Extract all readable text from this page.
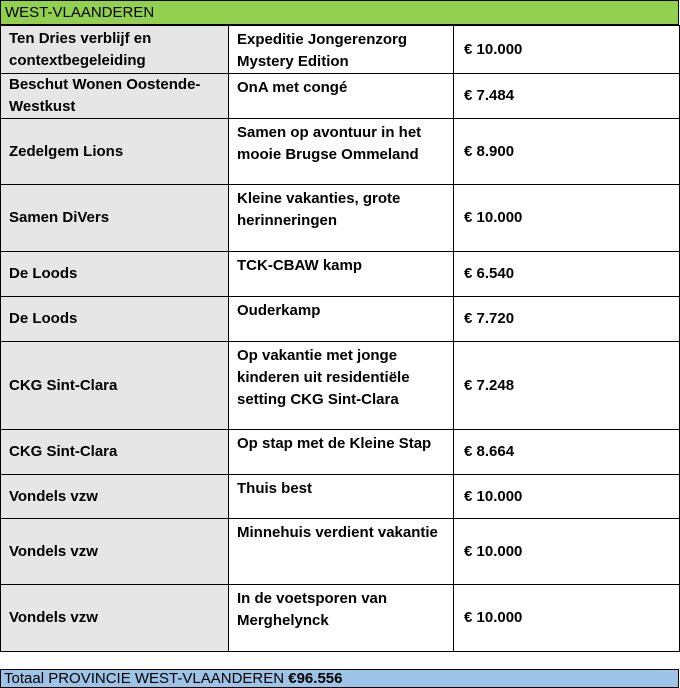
WEST-VLAANDEREN
Ten Dries verblijf en contextbegeleiding	Expeditie Jongerenzorg Mystery Edition	€ 10.000
Beschut Wonen Oostende-Westkust	OnA met congé	€ 7.484
Zedelgem Lions	Samen op avontuur in het mooie Brugse Ommeland	€ 8.900
Samen DiVers	Kleine vakanties, grote herinneringen	€ 10.000
De Loods	TCK-CBAW kamp	€ 6.540
De Loods	Ouderkamp	€ 7.720
CKG Sint-Clara	Op vakantie met jonge kinderen uit residentiële setting CKG Sint-Clara	€ 7.248
CKG Sint-Clara	Op stap met de Kleine Stap	€ 8.664
Vondels vzw	Thuis best	€ 10.000
Vondels vzw	Minnehuis verdient vakantie	€ 10.000
Vondels vzw	In de voetsporen van Merghelynck	€ 10.000
Totaal PROVINCIE WEST-VLAANDEREN €96.556
